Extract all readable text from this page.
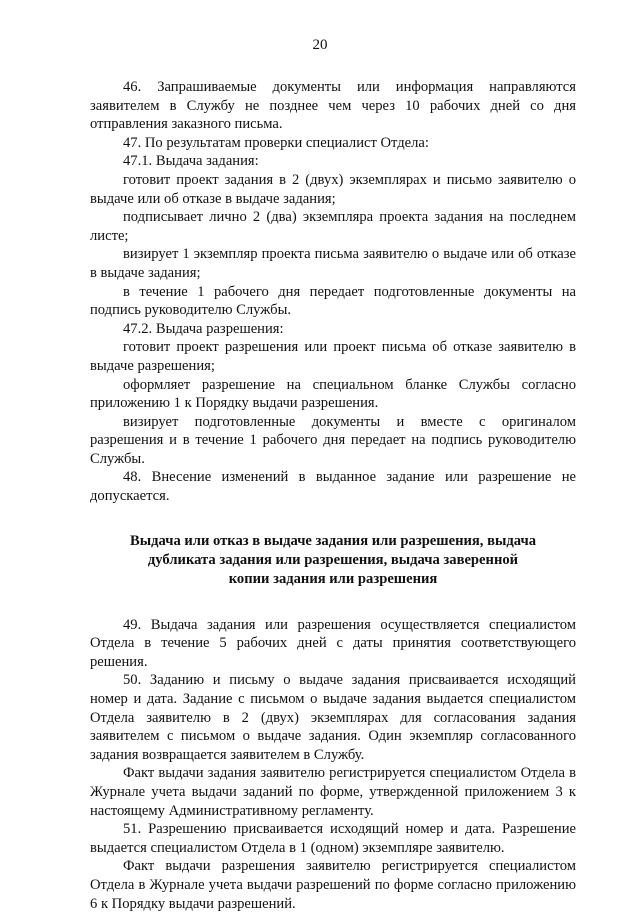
20

46. Запрашиваемые документы или информация направляются заявителем в Службу не позднее чем через 10 рабочих дней со дня отправления заказного письма.

47. По результатам проверки специалист Отдела:

47.1. Выдача задания:

готовит проект задания в 2 (двух) экземплярах и письмо заявителю о выдаче или об отказе в выдаче задания;

подписывает лично 2 (два) экземпляра проекта задания на последнем листе;

визирует 1 экземпляр проекта письма заявителю о выдаче или об отказе в выдаче задания;

в течение 1 рабочего дня передает подготовленные документы на подпись руководителю Службы.

47.2. Выдача разрешения:

готовит проект разрешения или проект письма об отказе заявителю в выдаче разрешения;

оформляет разрешение на специальном бланке Службы согласно приложению 1 к Порядку выдачи разрешения.

визирует подготовленные документы и вместе с оригиналом разрешения и в течение 1 рабочего дня передает на подпись руководителю Службы.

48. Внесение изменений в выданное задание или разрешение не допускается.

Выдача или отказ в выдаче задания или разрешения, выдача
дубликата задания или разрешения, выдача заверенной
копии задания или разрешения

49. Выдача задания или разрешения осуществляется специалистом Отдела в течение 5 рабочих дней с даты принятия соответствующего решения.

50. Заданию и письму о выдаче задания присваивается исходящий номер и дата. Задание с письмом о выдаче задания выдается специалистом Отдела заявителю в 2 (двух) экземплярах для согласования задания заявителем с письмом о выдаче задания. Один экземпляр согласованного задания возвращается заявителем в Службу.

Факт выдачи задания заявителю регистрируется специалистом Отдела в Журнале учета выдачи заданий по форме, утвержденной приложением 3 к настоящему Административному регламенту.

51. Разрешению присваивается исходящий номер и дата. Разрешение выдается специалистом Отдела в 1 (одном) экземпляре заявителю.

Факт выдачи разрешения заявителю регистрируется специалистом Отдела в Журнале учета выдачи разрешений по форме согласно приложению 6 к Порядку выдачи разрешений.
